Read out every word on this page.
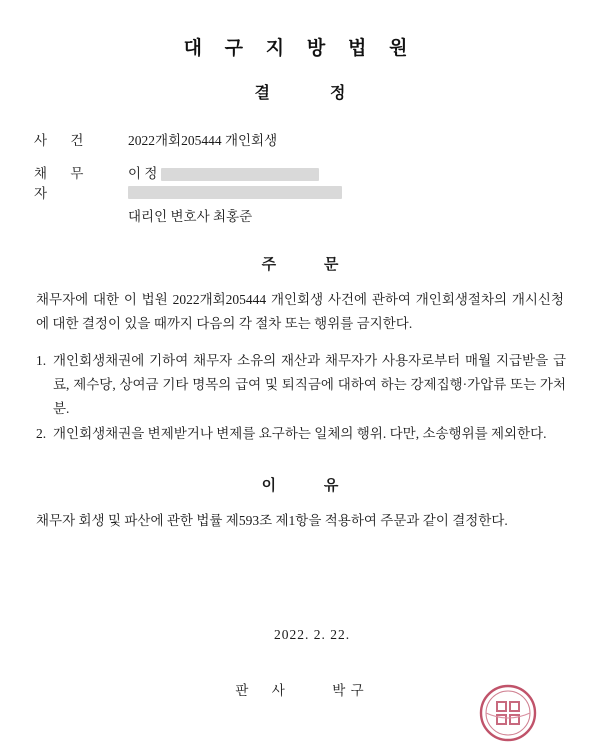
대 구 지 방 법 원
결 정
사 건	2022개회205444 개인회생
채 무 자
이 정
대리인 변호사 최홍준
주 문
채무자에 대한 이 법원 2022개회205444 개인회생 사건에 관하여 개인회생절차의 개시신청에 대한 결정이 있을 때까지 다음의 각 절차 또는 행위를 금지한다.
1. 개인회생채권에 기하여 채무자 소유의 재산과 채무자가 사용자로부터 매월 지급받을 급료, 제수당, 상여금 기타 명목의 급여 및 퇴직금에 대하여 하는 강제집행·가압류 또는 가처분.
2. 개인회생채권을 변제받거나 변제를 요구하는 일체의 행위. 다만, 소송행위를 제외한다.
이 유
채무자 회생 및 파산에 관한 법률 제593조 제1항을 적용하여 주문과 같이 결정한다.
2022. 2. 22.
판 사	박 구
